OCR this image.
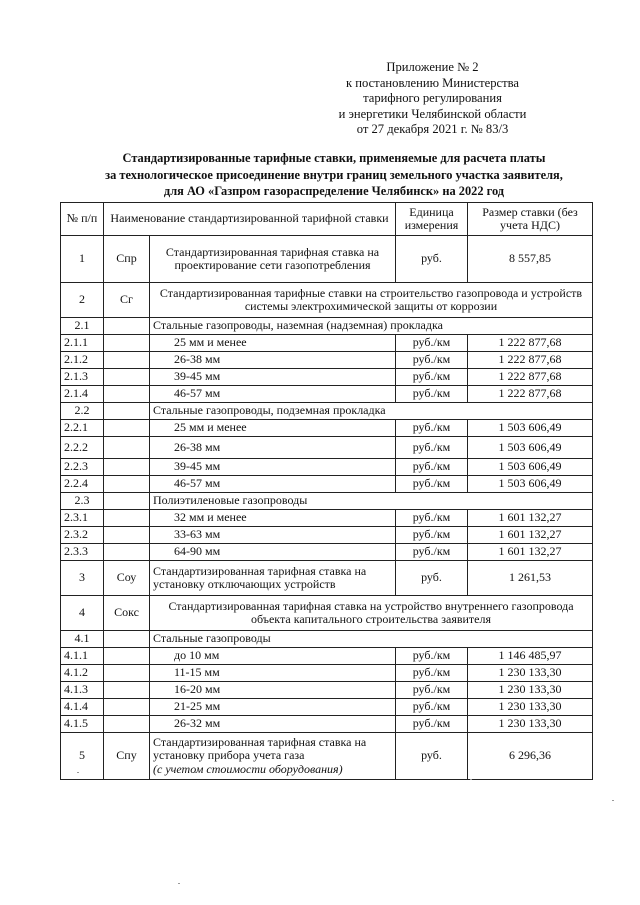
Приложение № 2
к постановлению Министерства
тарифного регулирования
и энергетики Челябинской области
от 27 декабря 2021 г. № 83/3
Стандартизированные тарифные ставки, применяемые для расчета платы
за технологическое присоединение внутри границ земельного участка заявителя,
для АО «Газпром газораспределение Челябинск» на 2022 год
№ п/п	Наименование стандартизированной тарифной ставки		Единица измерения	Размер ставки (без учета НДС)
1	Спр	Стандартизированная тарифная ставка на проектирование сети газопотребления	руб.	8 557,85
2	Сг	Стандартизированная тарифные ставки на строительство газопровода и устройств системы электрохимической защиты от коррозии		
2.1		Стальные газопроводы, наземная (надземная) прокладка		
2.1.1		25 мм и менее	руб./км	1 222 877,68
2.1.2		26-38 мм	руб./км	1 222 877,68
2.1.3		39-45 мм	руб./км	1 222 877,68
2.1.4		46-57 мм	руб./км	1 222 877,68
2.2		Стальные газопроводы, подземная прокладка		
2.2.1		25 мм и менее	руб./км	1 503 606,49
2.2.2		26-38 мм	руб./км	1 503 606,49
2.2.3		39-45 мм	руб./км	1 503 606,49
2.2.4		46-57 мм	руб./км	1 503 606,49
2.3		Полиэтиленовые газопроводы		
2.3.1		32 мм и менее	руб./км	1 601 132,27
2.3.2		33-63 мм	руб./км	1 601 132,27
2.3.3		64-90 мм	руб./км	1 601 132,27
3	Соу	Стандартизированная тарифная ставка на установку отключающих устройств	руб.	1 261,53
4	Сокс	Стандартизированная тарифная ставка на устройство внутреннего газопровода объекта капитального строительства заявителя		
4.1		Стальные газопроводы		
4.1.1		до 10 мм	руб./км	1 146 485,97
4.1.2		11-15 мм	руб./км	1 230 133,30
4.1.3		16-20 мм	руб./км	1 230 133,30
4.1.4		21-25 мм	руб./км	1 230 133,30
4.1.5		26-32 мм	руб./км	1 230 133,30
5	Спу	Стандартизированная тарифная ставка на установку прибора учета газа
(с учетом стоимости оборудования)	руб.	6 296,36
